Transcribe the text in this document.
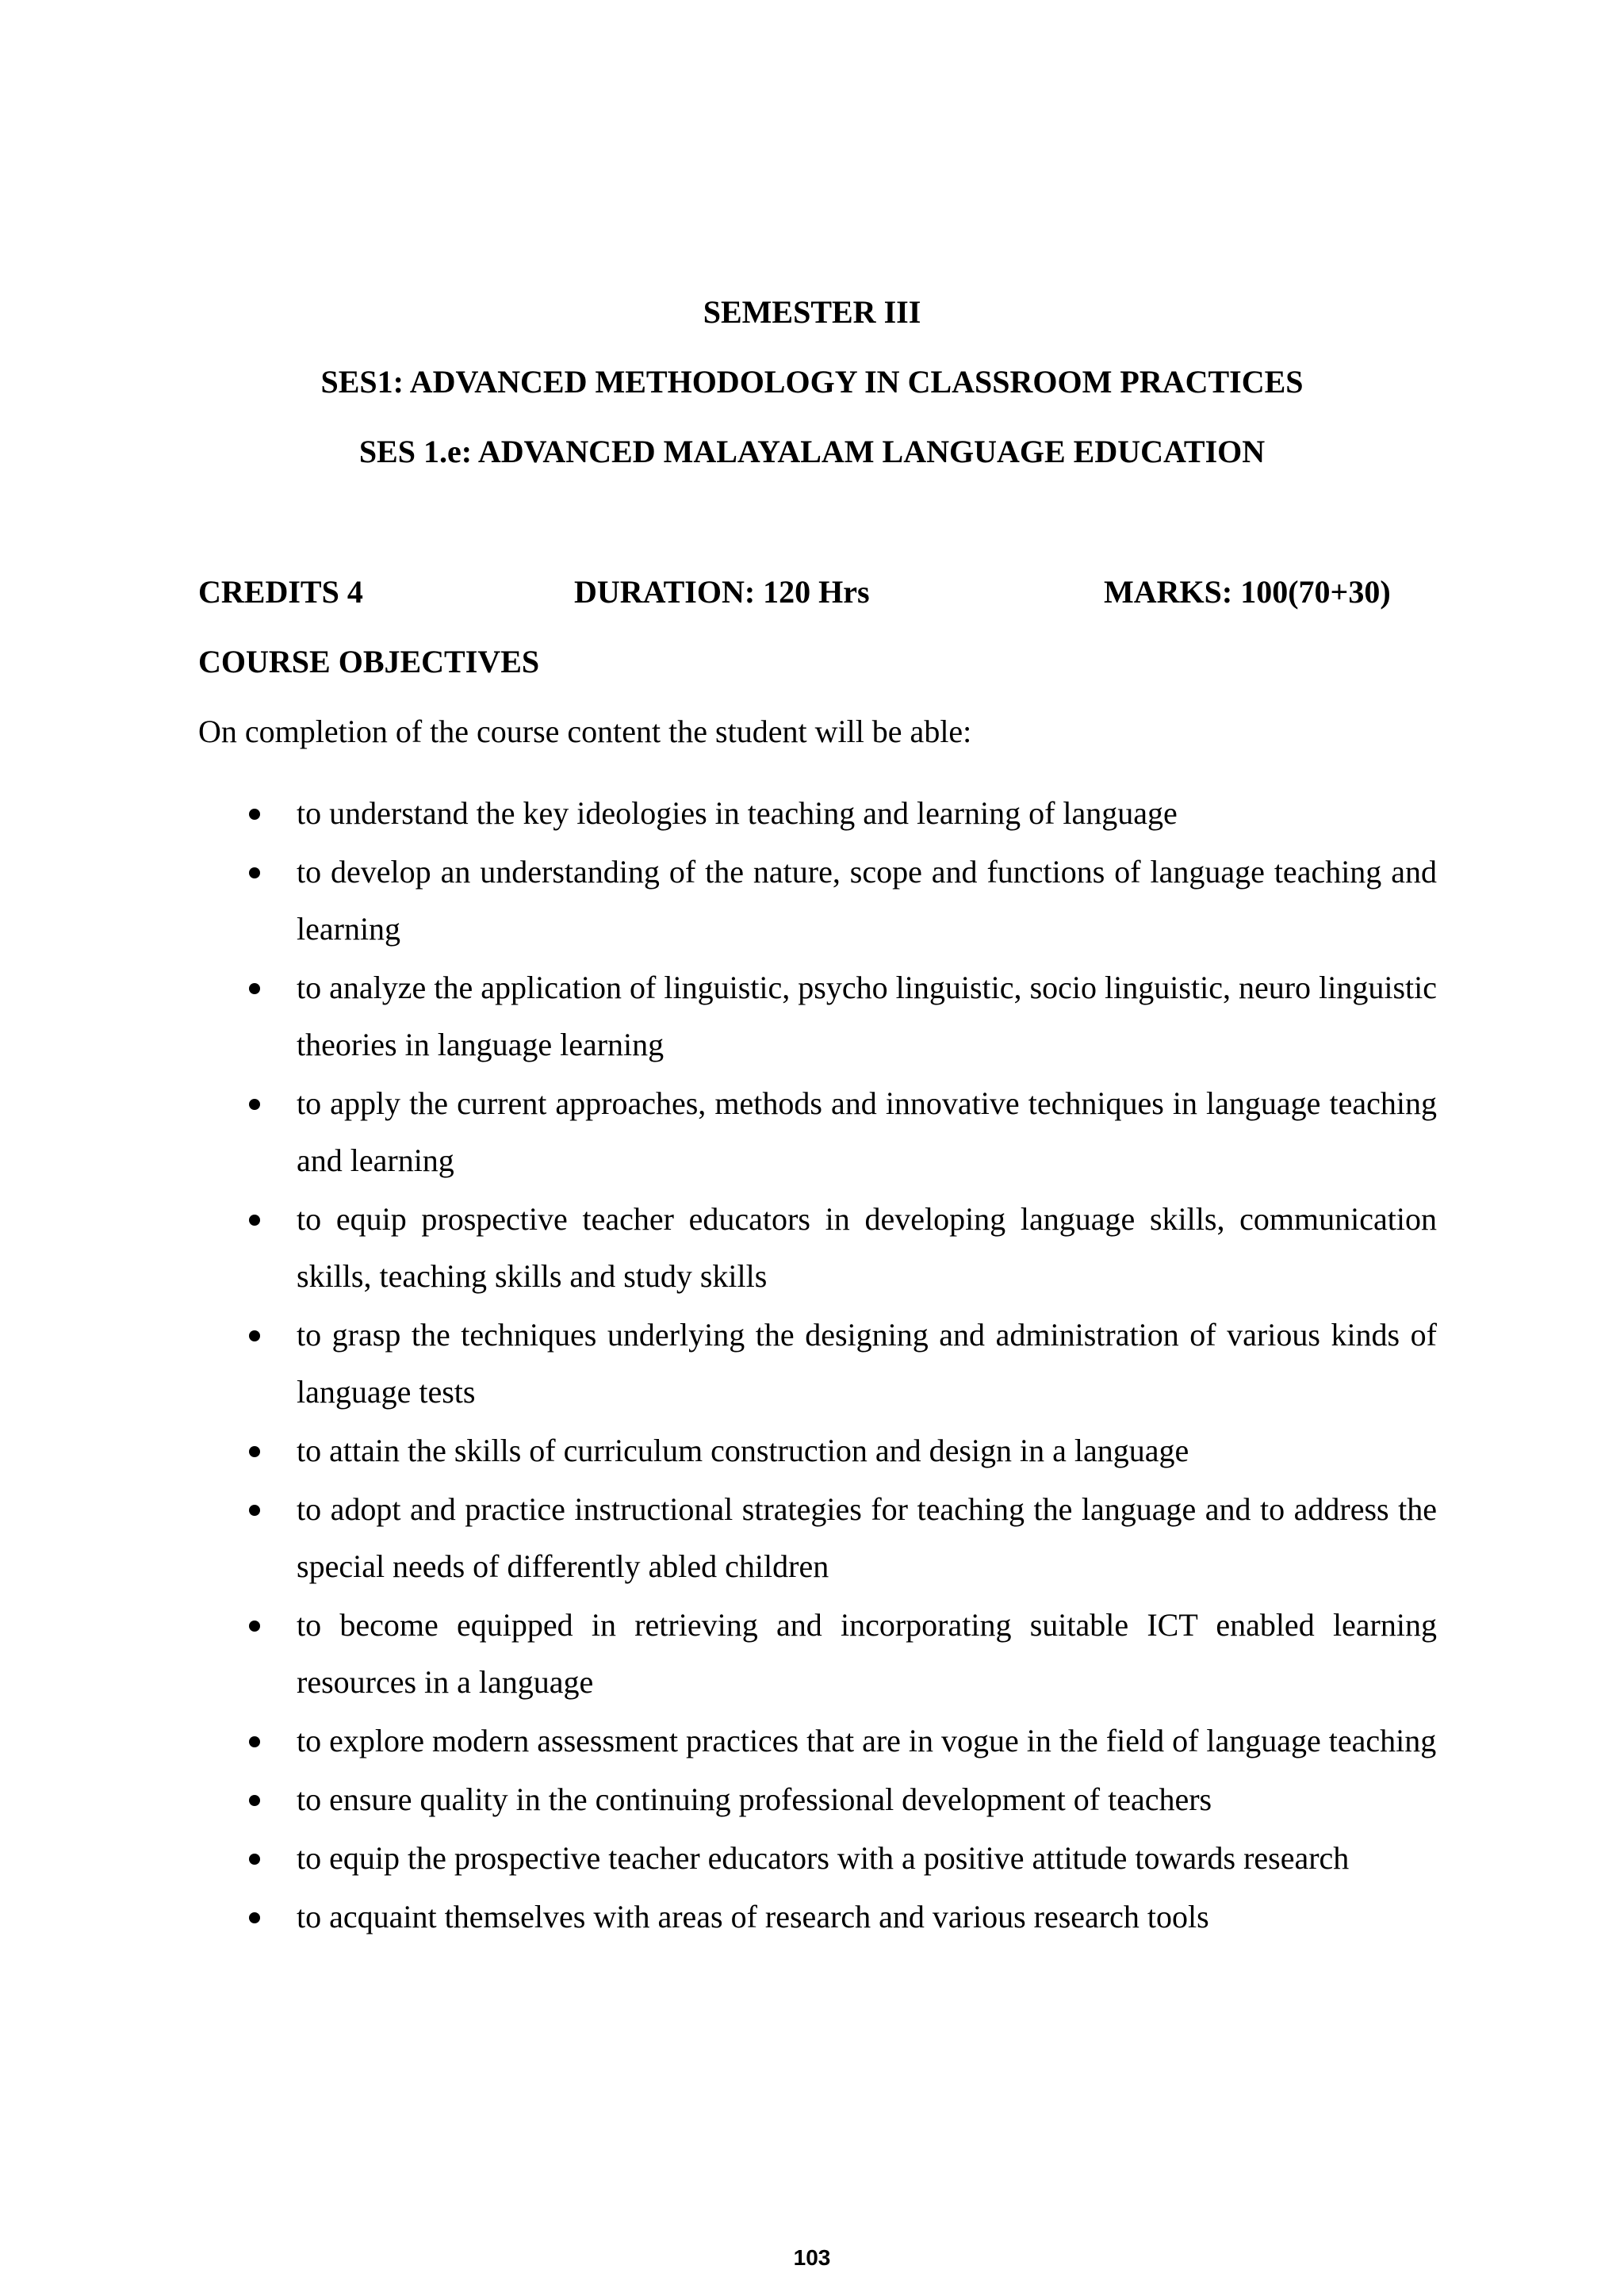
SEMESTER III
SES1: ADVANCED METHODOLOGY IN CLASSROOM PRACTICES
SES 1.e: ADVANCED MALAYALAM LANGUAGE EDUCATION
CREDITS 4	DURATION: 120 Hrs	MARKS: 100(70+30)
COURSE OBJECTIVES

On completion of the course content the student will be able:

to understand the key ideologies in teaching and learning of language
to develop an understanding of the nature, scope and functions of language teaching and learning
to analyze the application of linguistic, psycho linguistic, socio linguistic, neuro linguistic theories in language learning
to apply the current approaches, methods and innovative techniques in language teaching and learning
to equip prospective teacher educators in developing language skills, communication skills, teaching skills and study skills
to grasp the techniques underlying the designing and administration of various kinds of language tests
to attain the skills of curriculum construction and design in a language
to adopt and practice instructional strategies for teaching the language and to address the special needs of differently abled children
to become equipped in retrieving and incorporating suitable ICT enabled learning resources in a language
to explore modern assessment practices that are in vogue in the field of language teaching
to ensure quality in the continuing professional development of teachers
to equip the prospective teacher educators with a positive attitude towards research
to acquaint themselves with areas of research and various research tools
103
